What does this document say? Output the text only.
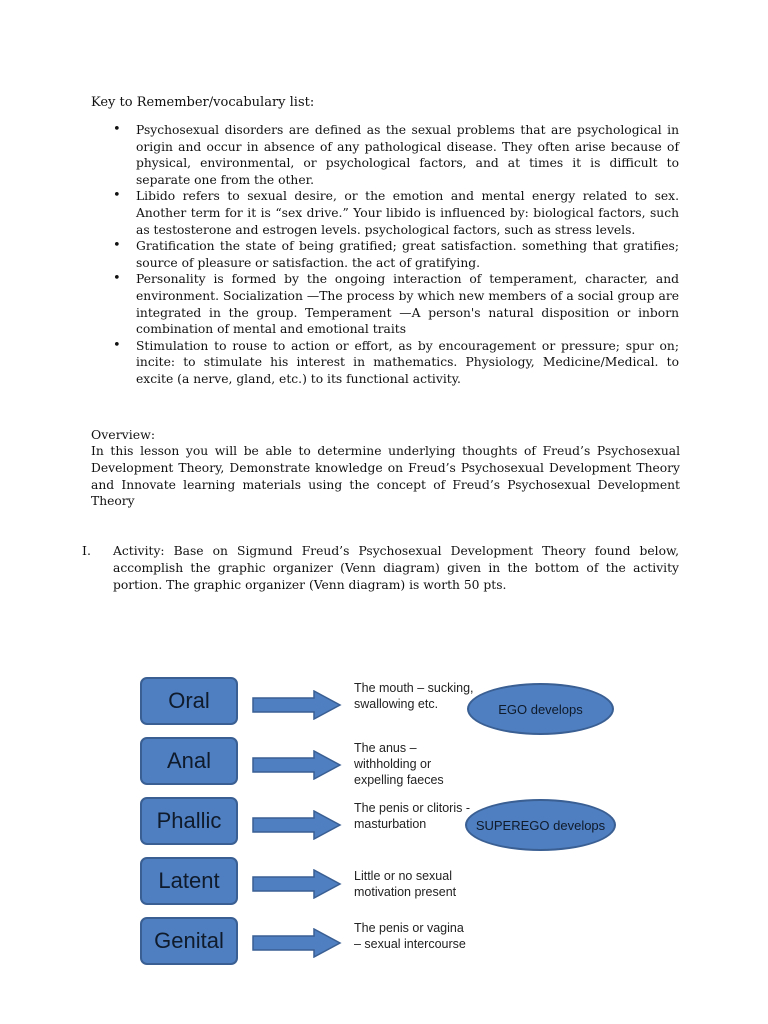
Key to Remember/vocabulary list:
• Psychosexual disorders are defined as the sexual problems that are psychological in origin and occur in absence of any pathological disease. They often arise because of physical, environmental, or psychological factors, and at times it is difficult to separate one from the other.
• Libido refers to sexual desire, or the emotion and mental energy related to sex. Another term for it is “sex drive.” Your libido is influenced by: biological factors, such as testosterone and estrogen levels. psychological factors, such as stress levels.
• Gratification the state of being gratified; great satisfaction. something that gratifies; source of pleasure or satisfaction. the act of gratifying.
• Personality is formed by the ongoing interaction of temperament, character, and environment. Socialization —The process by which new members of a social group are integrated in the group. Temperament —A person's natural disposition or inborn combination of mental and emotional traits
• Stimulation to rouse to action or effort, as by encouragement or pressure; spur on; incite: to stimulate his interest in mathematics. Physiology, Medicine/Medical. to excite (a nerve, gland, etc.) to its functional activity.
Overview:
In this lesson you will be able to determine underlying thoughts of Freud’s Psychosexual Development Theory, Demonstrate knowledge on Freud’s Psychosexual Development Theory and Innovate learning materials using the concept of Freud’s Psychosexual Development Theory
I. Activity: Base on Sigmund Freud’s Psychosexual Development Theory found below, accomplish the graphic organizer (Venn diagram) given in the bottom of the activity portion. The graphic organizer (Venn diagram) is worth 50 pts.
Oral	The mouth – sucking, swallowing etc.
Anal	The anus – withholding or expelling faeces
Phallic	The penis or clitoris - masturbation
Latent	Little or no sexual motivation present
Genital	The penis or vagina – sexual intercourse
EGO develops
SUPEREGO develops
